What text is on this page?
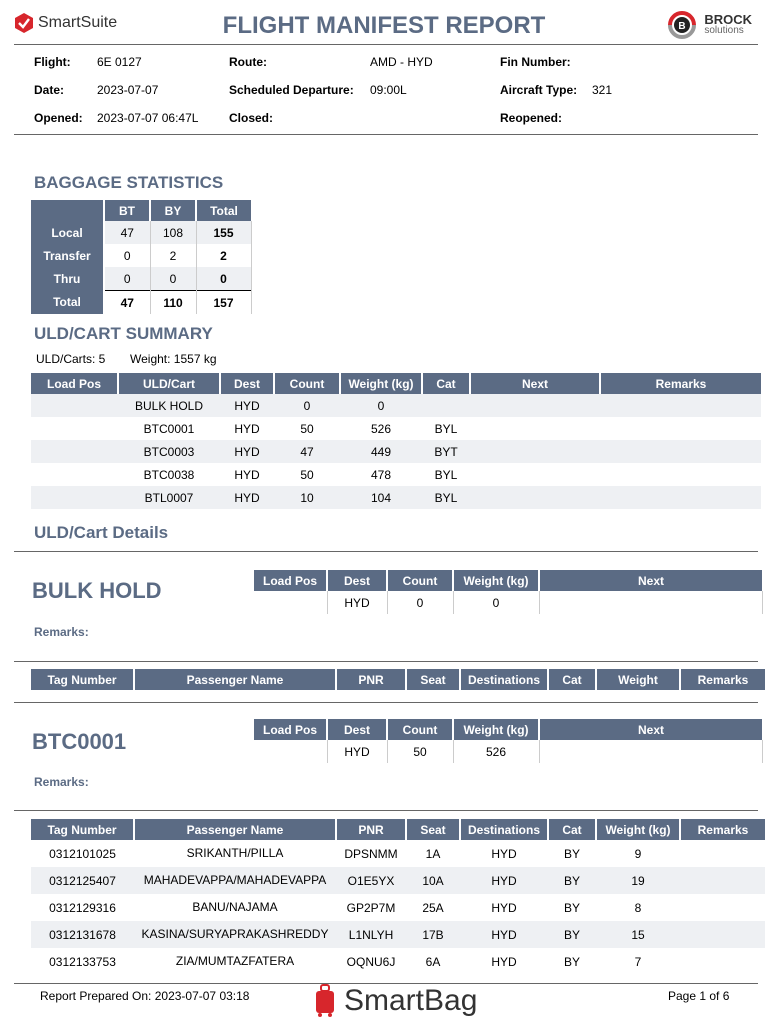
SmartSuite	FLIGHT MANIFEST REPORT	B BROCK
solutions
Flight: 6E 0127
Date:	2023-07-07
Opened: 2023-07-07 06:47L
Route:	AMD - HYD
Scheduled Departure: 09:00L
Closed:
Fin Number:
Aircraft Type: 321
Reopened:
BAGGAGE STATISTICS
	BT	BY	Total
Local	47	108	155
Transfer	0	2	2
Thru	0	0	0
Total	47	110	157
ULD/CART SUMMARY
ULD/Carts: 5 Weight: 1557 kg
Load Pos	ULD/Cart	Dest	Count	Weight (kg)	Cat	Next	Remarks
	BULK HOLD	HYD	0	0			
	BTC0001	HYD	50	526	BYL		
	BTC0003	HYD	47	449	BYT		
	BTC0038	HYD	50	478	BYL		
	BTL0007	HYD	10	104	BYL		
ULD/Cart Details
BULK HOLD	Load Pos	Dest	Count	Weight (kg)	Next
	HYD	0	0	
Remarks:
Tag Number	Passenger Name	PNR	Seat	Destinations	Cat	Weight	Remarks
BTC0001	Load Pos	Dest	Count	Weight (kg)	Next
	HYD	50	526	
Remarks:
Tag Number	Passenger Name	PNR	Seat	Destinations	Cat	Weight (kg)	Remarks
0312101025	SRIKANTH/PILLA	DPSNMM	1A	HYD	BY	9	
0312125407	MAHADEVAPPA/MAHADEVAPPA	O1E5YX	10A	HYD	BY	19	
0312129316	BANU/NAJAMA	GP2P7M	25A	HYD	BY	8	
0312131678	KASINA/SURYAPRAKASHREDDY	L1NLYH	17B	HYD	BY	15	
0312133753	ZIA/MUMTAZFATERA	OQNU6J	6A	HYD	BY	7	
Report Prepared On: 2023-07-07 03:18	SmartBag	Page 1 of 6
